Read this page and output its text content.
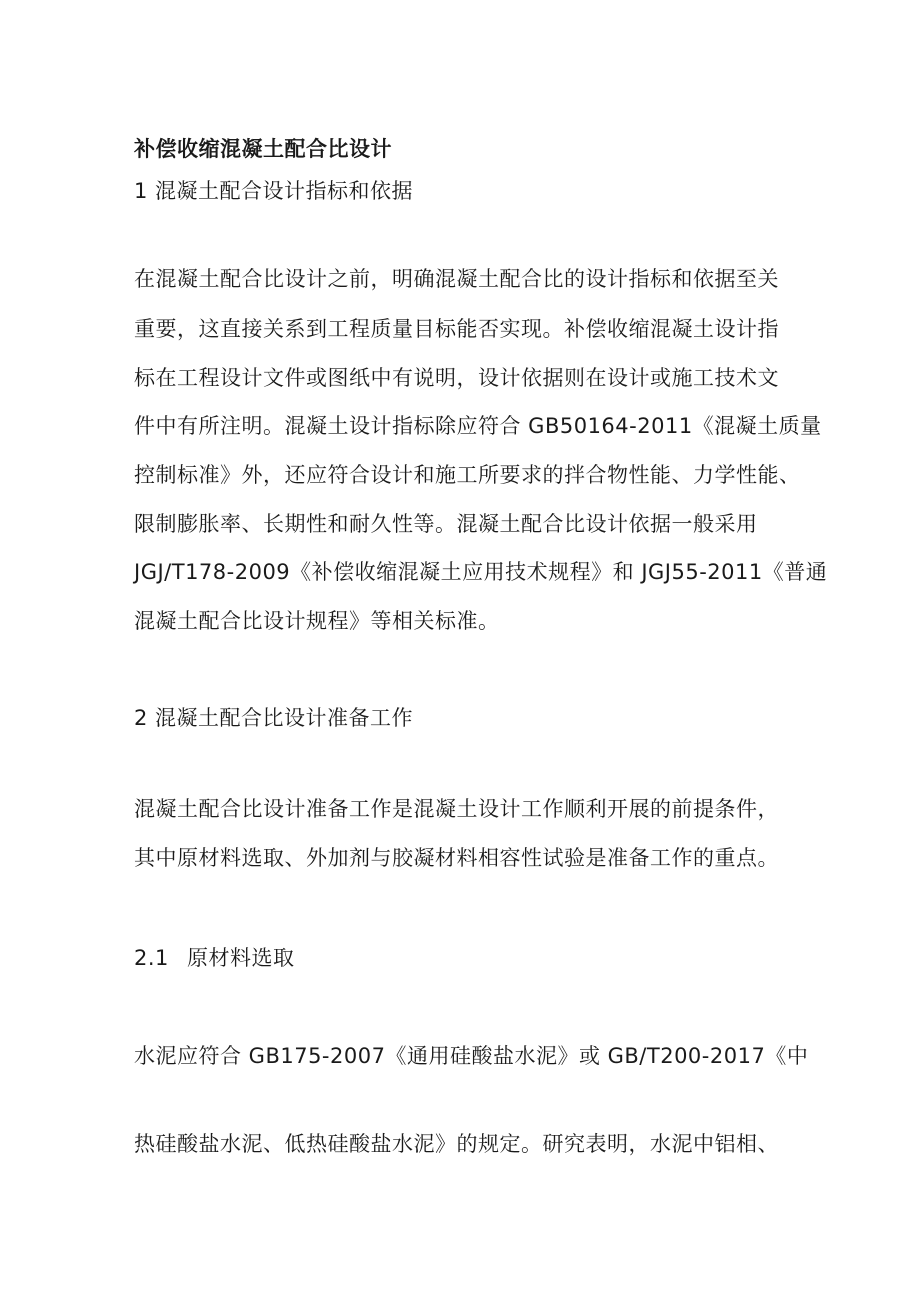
补偿收缩混凝土配合比设计
1 混凝土配合设计指标和依据
在混凝土配合比设计之前，明确混凝土配合比的设计指标和依据至关
重要，这直接关系到工程质量目标能否实现。补偿收缩混凝土设计指
标在工程设计文件或图纸中有说明，设计依据则在设计或施工技术文
件中有所注明。混凝土设计指标除应符合 GB50164-2011《混凝土质量
控制标准》外，还应符合设计和施工所要求的拌合物性能、力学性能、
限制膨胀率、长期性和耐久性等。混凝土配合比设计依据一般采用
JGJ/T178-2009《补偿收缩混凝土应用技术规程》和 JGJ55-2011《普通
混凝土配合比设计规程》等相关标准。
2 混凝土配合比设计准备工作
混凝土配合比设计准备工作是混凝土设计工作顺利开展的前提条件，
其中原材料选取、外加剂与胶凝材料相容性试验是准备工作的重点。
2.1 原材料选取
水泥应符合 GB175-2007《通用硅酸盐水泥》或 GB/T200-2017《中
热硅酸盐水泥、低热硅酸盐水泥》的规定。研究表明，水泥中铝相、
